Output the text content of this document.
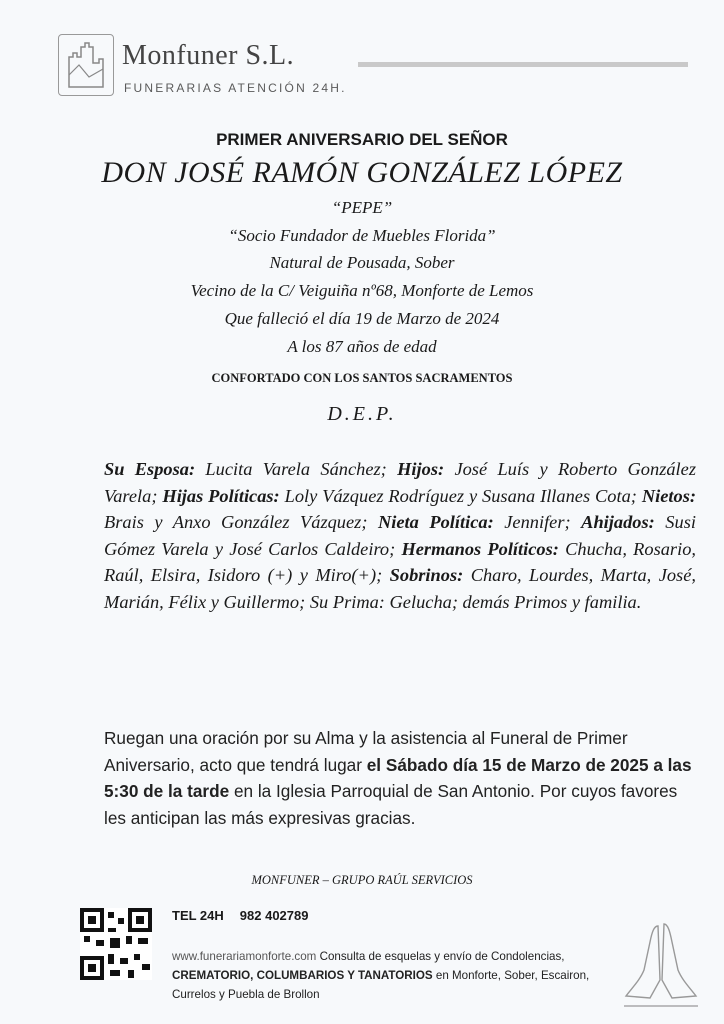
Monfuner S.L.
FUNERARIAS ATENCIÓN 24H.
PRIMER ANIVERSARIO DEL SEÑOR
DON JOSÉ RAMÓN GONZÁLEZ LÓPEZ
“PEPE”
“Socio Fundador de Muebles Florida”
Natural de Pousada, Sober
Vecino de la C/ Veiguiña nº68, Monforte de Lemos
Que falleció el día 19 de Marzo de 2024
A los 87 años de edad
CONFORTADO CON LOS SANTOS SACRAMENTOS
D.E.P.
Su Esposa: Lucita Varela Sánchez; Hijos: José Luís y Roberto González Varela; Hijas Políticas: Loly Vázquez Rodríguez y Susana Illanes Cota; Nietos: Brais y Anxo González Vázquez; Nieta Política: Jennifer; Ahijados: Susi Gómez Varela y José Carlos Caldeiro; Hermanos Políticos: Chucha, Rosario, Raúl, Elsira, Isidoro (+) y Miro(+); Sobrinos: Charo, Lourdes, Marta, José, Marián, Félix y Guillermo; Su Prima: Gelucha; demás Primos y familia.
Ruegan una oración por su Alma y la asistencia al Funeral de Primer Aniversario, acto que tendrá lugar el Sábado día 15 de Marzo de 2025 a las 5:30 de la tarde en la Iglesia Parroquial de San Antonio. Por cuyos favores les anticipan las más expresivas gracias.
MONFUNER – GRUPO RAÚL SERVICIOS
TEL 24H 982 402789
www.funerariamonforte.com Consulta de esquelas y envío de Condolencias, CREMATORIO, COLUMBARIOS Y TANATORIOS en Monforte, Sober, Escairon, Currelos y Puebla de Brollon
